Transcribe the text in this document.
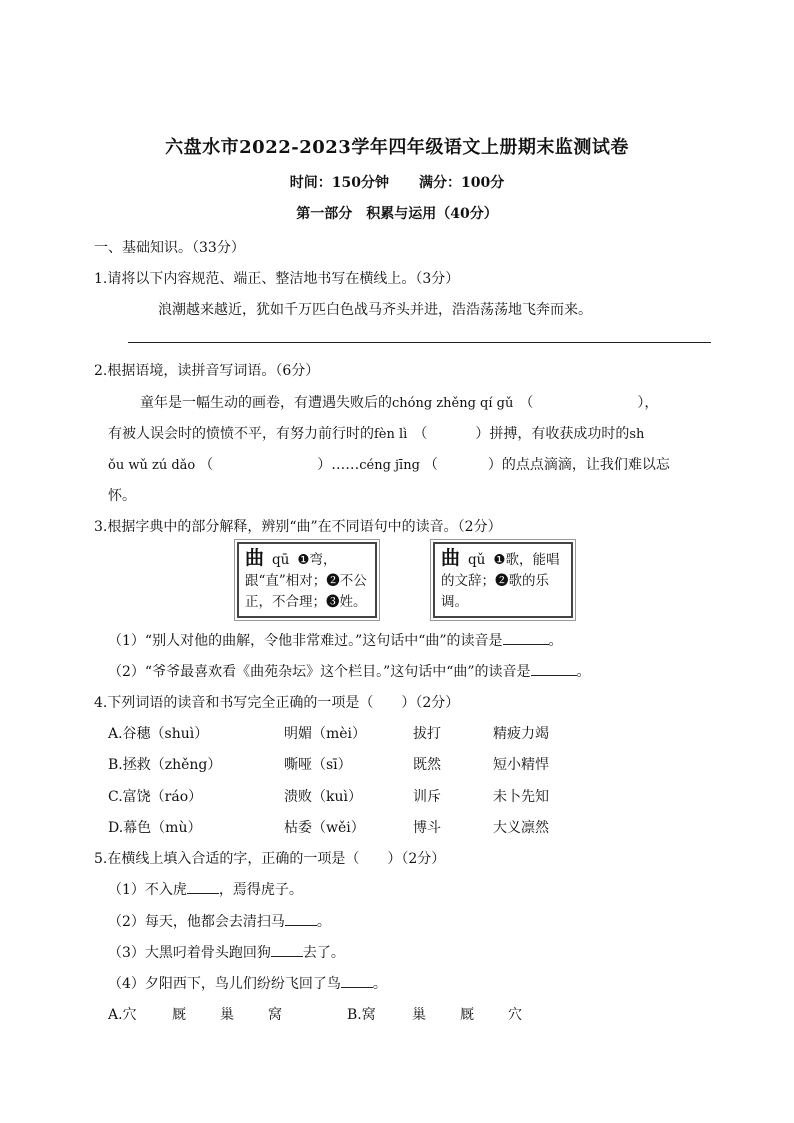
六盘水市2022-2023学年四年级语文上册期末监测试卷
时间：150分钟 满分：100分
第一部分　积累与运用（40分）
一、基础知识。（33分）
1.请将以下内容规范、端正、整洁地书写在横线上。（3分）
浪潮越来越近，犹如千万匹白色战马齐头并进，浩浩荡荡地飞奔而来。
2.根据语境，读拼音写词语。（6分）
童年是一幅生动的画卷，有遭遇失败后的chóng zhěng qí gǔ （	），
有被人误会时的愤愤不平，有努力前行时的fèn lì （	）拼搏，有收获成功时的sh
ǒu wǔ zú dǎo （	）……céng jīng （	）的点点滴滴，让我们难以忘
怀。
3.根据字典中的部分解释，辨别“曲”在不同语句中的读音。（2分）
曲 qū ❶弯，跟“直”相对；❷不公正，不合理；❸姓。
曲 qǔ ❶歌，能唱的文辞；❷歌的乐调。
（1）“别人对他的曲解，令他非常难过。”这句话中“曲”的读音是	。
（2）“爷爷最喜欢看《曲苑杂坛》这个栏目。”这句话中“曲”的读音是	。
4.下列词语的读音和书写完全正确的一项是（　　）（2分）
A.谷穗（shuì）	明媚（mèi）	拔打	精疲力竭
B.拯救（zhěng）	嘶哑（sī）	既然	短小精悍
C.富饶（ráo）	溃败（kuì）	训斥	未卜先知
D.幕色（mù）	枯委（wěi）	博斗	大义凛然
5.在横线上填入合适的字，正确的一项是（　　）（2分）
（1）不入虎 ，焉得虎子。
（2）每天，他都会去清扫马 。
（3）大黑叼着骨头跑回狗 去了。
（4）夕阳西下，鸟儿们纷纷飞回了鸟 。
A.穴	厩 巢 窝	B.窝	巢 厩 穴
